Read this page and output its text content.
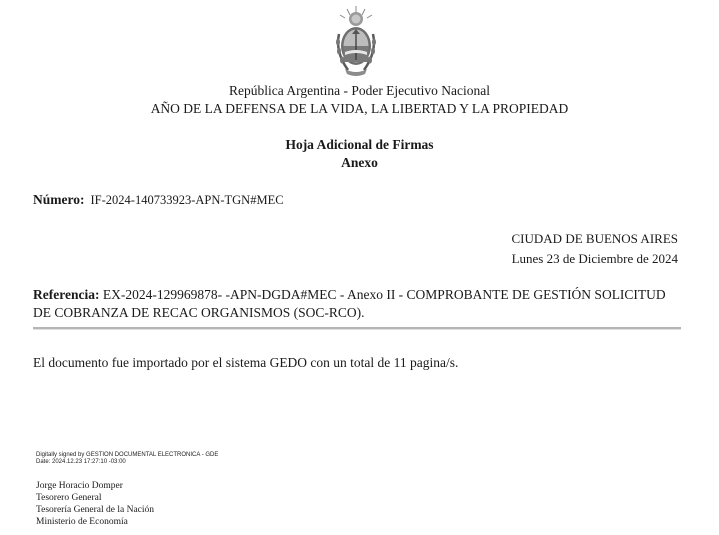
República Argentina - Poder Ejecutivo Nacional
AÑO DE LA DEFENSA DE LA VIDA, LA LIBERTAD Y LA PROPIEDAD
Hoja Adicional de Firmas
Anexo
Número: IF-2024-140733923-APN-TGN#MEC
CIUDAD DE BUENOS AIRES
Lunes 23 de Diciembre de 2024
Referencia: EX-2024-129969878- -APN-DGDA#MEC - Anexo II - COMPROBANTE DE GESTIÓN SOLICITUD DE COBRANZA DE RECAC ORGANISMOS (SOC-RCO).
El documento fue importado por el sistema GEDO con un total de 11 pagina/s.
Digitally signed by GESTION DOCUMENTAL ELECTRONICA - GDE
Date: 2024.12.23 17:27:10 -03:00
Jorge Horacio Domper
Tesorero General
Tesorería General de la Nación
Ministerio de Economía
